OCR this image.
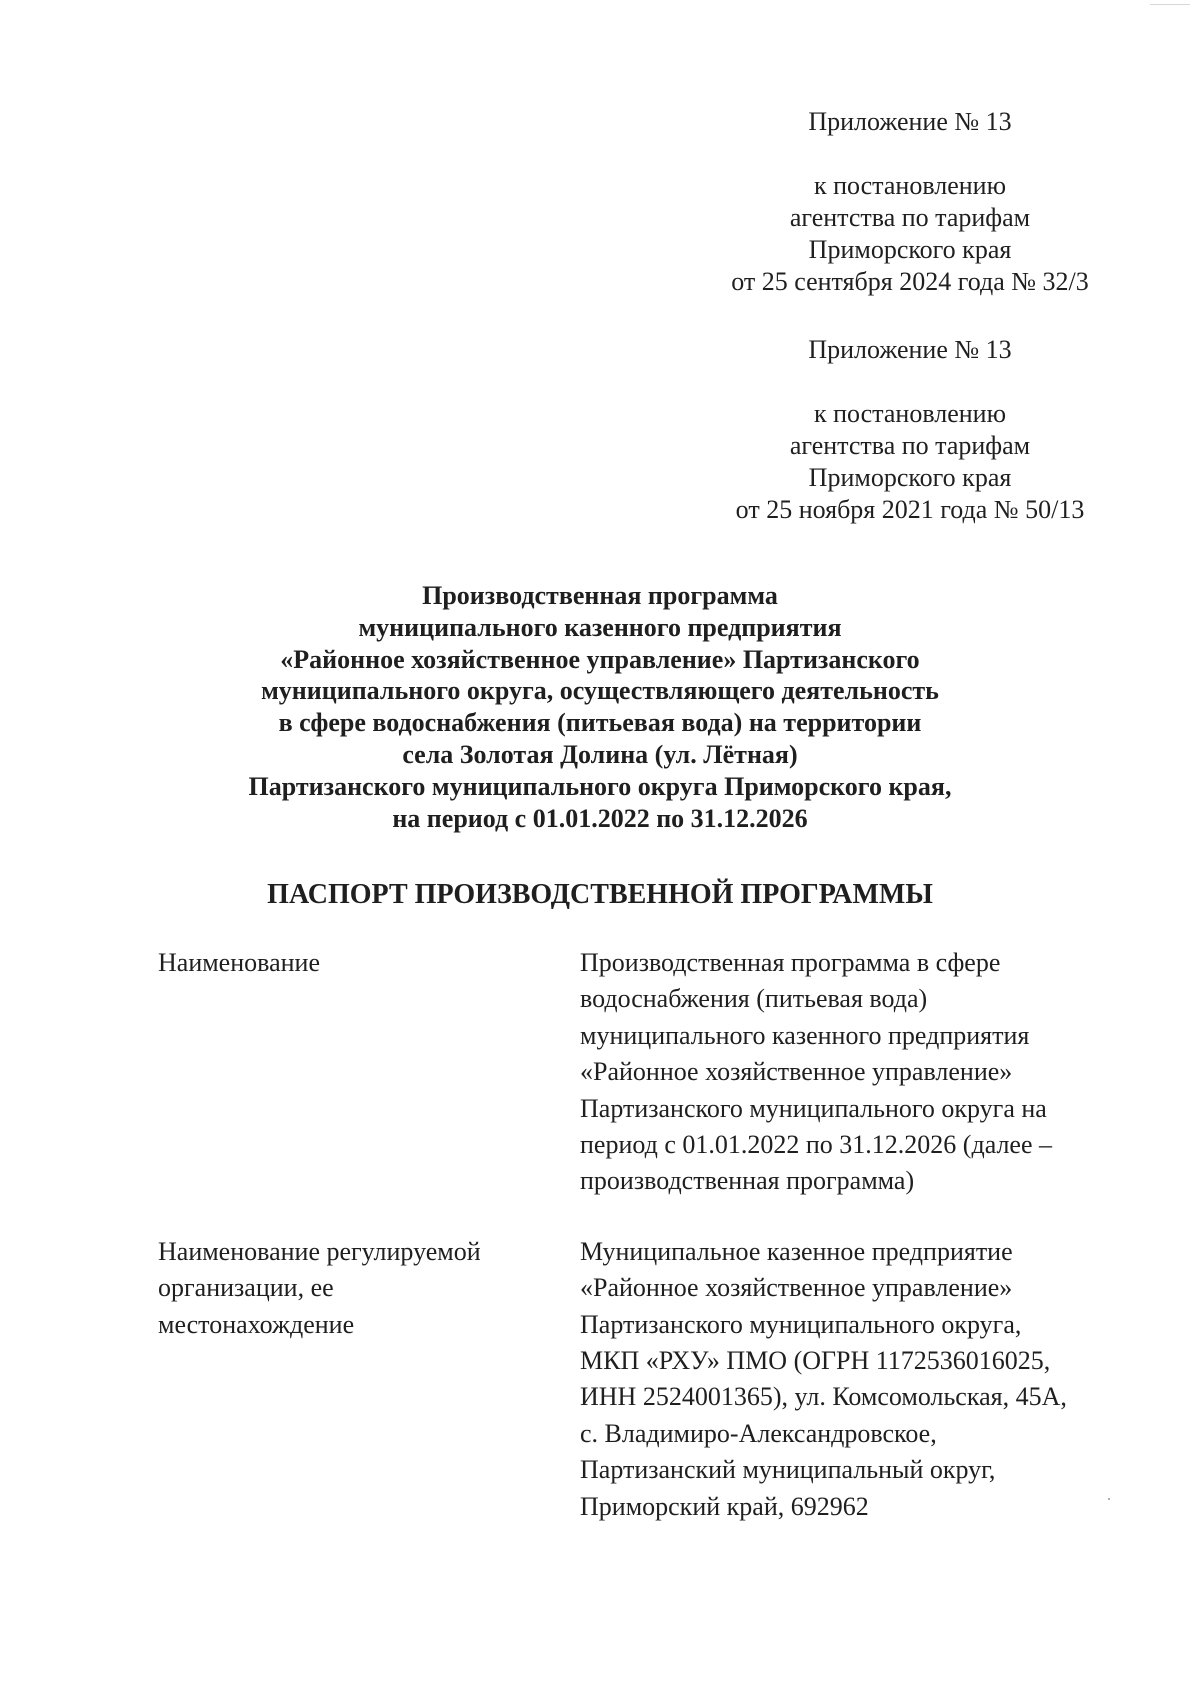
Приложение № 13
к постановлению
агентства по тарифам
Приморского края
от 25 сентября 2024 года № 32/3
Приложение № 13
к постановлению
агентства по тарифам
Приморского края
от 25 ноября 2021 года № 50/13
Производственная программа
муниципального казенного предприятия
«Районное хозяйственное управление» Партизанского
муниципального округа, осуществляющего деятельность
в сфере водоснабжения (питьевая вода) на территории
села Золотая Долина (ул. Лётная)
Партизанского муниципального округа Приморского края,
на период с 01.01.2022 по 31.12.2026
ПАСПОРТ ПРОИЗВОДСТВЕННОЙ ПРОГРАММЫ
Наименование	Производственная программа в сфере
водоснабжения (питьевая вода)
муниципального казенного предприятия
«Районное хозяйственное управление»
Партизанского муниципального округа на
период с 01.01.2022 по 31.12.2026 (далее –
производственная программа)
Наименование регулируемой
организации, ее
местонахождение
Муниципальное казенное предприятие
«Районное хозяйственное управление»
Партизанского муниципального округа,
МКП «РХУ» ПМО (ОГРН 1172536016025,
ИНН 2524001365), ул. Комсомольская, 45А,
с. Владимиро-Александровское,
Партизанский муниципальный округ,
Приморский край, 692962
